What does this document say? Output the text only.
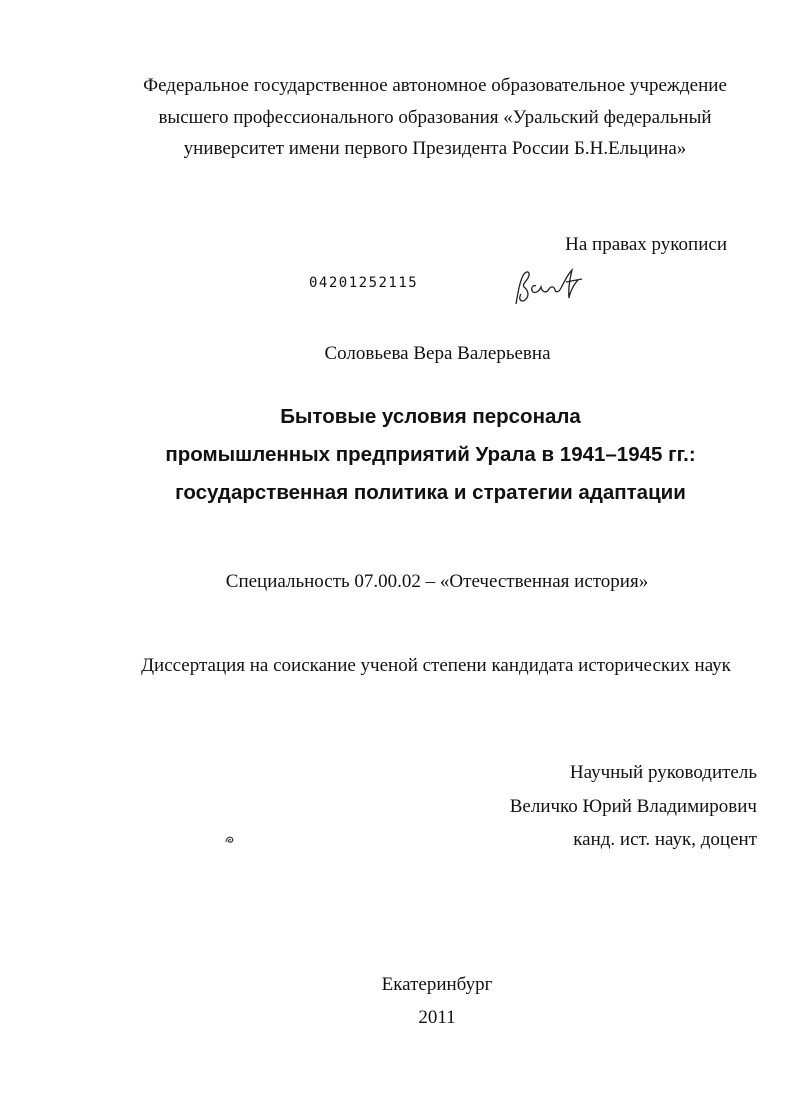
Федеральное государственное автономное образовательное учреждение
высшего профессионального образования «Уральский федеральный
университет имени первого Президента России Б.Н.Ельцина»
На правах рукописи
04201252115
Соловьева Вера Валерьевна
Бытовые условия персонала
промышленных предприятий Урала в 1941–1945 гг.:
государственная политика и стратегии адаптации
Специальность 07.00.02 – «Отечественная история»
Диссертация на соискание ученой степени кандидата исторических наук
Научный руководитель
Величко Юрий Владимирович
канд. ист. наук, доцент
Екатеринбург
2011
